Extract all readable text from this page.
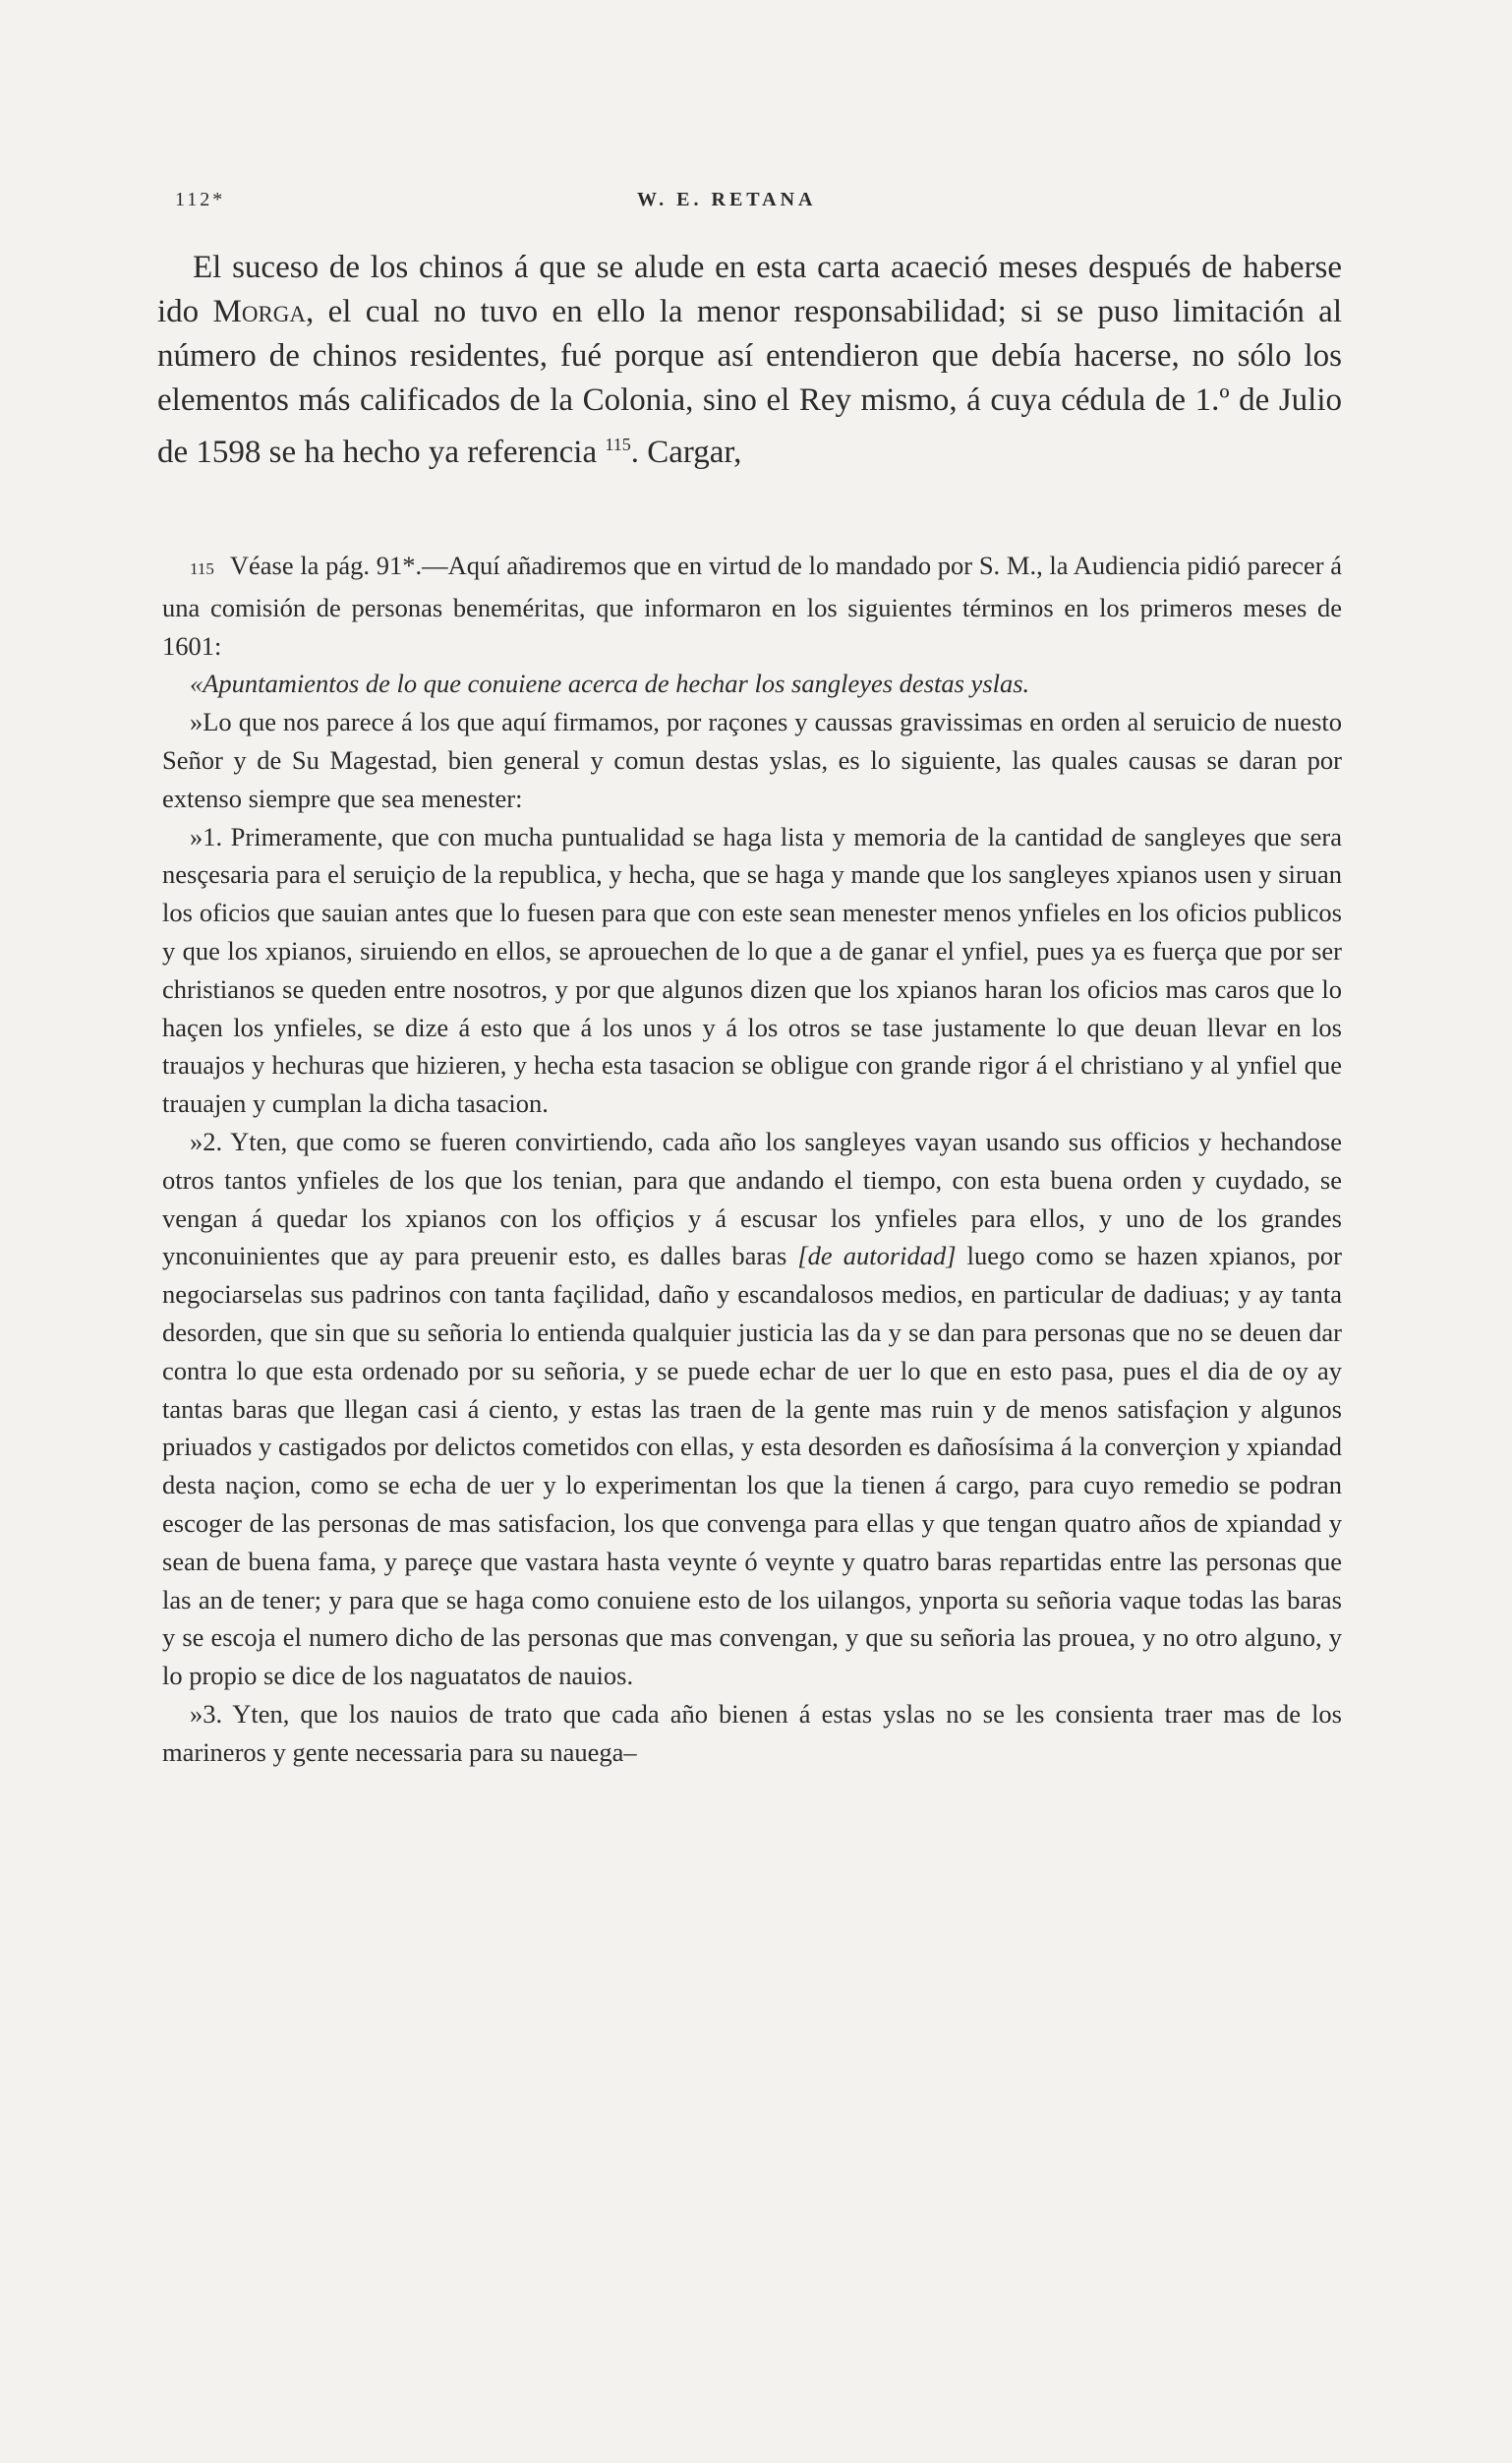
112*	W. E. RETANA

El suceso de los chinos á que se alude en esta carta acaeció meses después de haberse ido Morga, el cual no tuvo en ello la menor responsabilidad; si se puso limitación al número de chinos residentes, fué porque así entendieron que debía hacerse, no sólo los elementos más calificados de la Colonia, sino el Rey mismo, á cuya cédula de 1.º de Julio de 1598 se ha hecho ya referencia $^{115}$. Cargar,

115 Véase la pág. 91*.—Aquí añadiremos que en virtud de lo mandado por S. M., la Audiencia pidió parecer á una comisión de personas beneméritas, que informaron en los siguientes términos en los primeros meses de 1601:

«Apuntamientos de lo que conuiene acerca de hechar los sangleyes destas yslas.

»Lo que nos parece á los que aquí firmamos, por raçones y caussas gravissimas en orden al seruicio de nuesto Señor y de Su Magestad, bien general y comun destas yslas, es lo siguiente, las quales causas se daran por extenso siempre que sea menester:

»1. Primeramente, que con mucha puntualidad se haga lista y memoria de la cantidad de sangleyes que sera nesçesaria para el seruiçio de la republica, y hecha, que se haga y mande que los sangleyes xpianos usen y siruan los oficios que sauian antes que lo fuesen para que con este sean menester menos ynfieles en los oficios publicos y que los xpianos, siruiendo en ellos, se aprouechen de lo que a de ganar el ynfiel, pues ya es fuerça que por ser christianos se queden entre nosotros, y por que algunos dizen que los xpianos haran los oficios mas caros que lo haçen los ynfieles, se dize á esto que á los unos y á los otros se tase justamente lo que deuan llevar en los trauajos y hechuras que hizieren, y hecha esta tasacion se obligue con grande rigor á el christiano y al ynfiel que trauajen y cumplan la dicha tasacion.

»2. Yten, que como se fueren convirtiendo, cada año los sangleyes vayan usando sus officios y hechandose otros tantos ynfieles de los que los tenian, para que andando el tiempo, con esta buena orden y cuydado, se vengan á quedar los xpianos con los offiçios y á escusar los ynfieles para ellos, y uno de los grandes ynconuinientes que ay para preuenir esto, es dalles baras [de autoridad] luego como se hazen xpianos, por negociarselas sus padrinos con tanta façilidad, daño y escandalosos medios, en particular de dadiuas; y ay tanta desorden, que sin que su señoria lo entienda qualquier justicia las da y se dan para personas que no se deuen dar contra lo que esta ordenado por su señoria, y se puede echar de uer lo que en esto pasa, pues el dia de oy ay tantas baras que llegan casi á ciento, y estas las traen de la gente mas ruin y de menos satisfaçion y algunos priuados y castigados por delictos cometidos con ellas, y esta desorden es dañosísima á la converçion y xpiandad desta naçion, como se echa de uer y lo experimentan los que la tienen á cargo, para cuyo remedio se podran escoger de las personas de mas satisfacion, los que convenga para ellas y que tengan quatro años de xpiandad y sean de buena fama, y pareçe que vastara hasta veynte ó veynte y quatro baras repartidas entre las personas que las an de tener; y para que se haga como conuiene esto de los uilangos, ynporta su señoria vaque todas las baras y se escoja el numero dicho de las personas que mas convengan, y que su señoria las prouea, y no otro alguno, y lo propio se dice de los naguatatos de nauios.

»3. Yten, que los nauios de trato que cada año bienen á estas yslas no se les consienta traer mas de los marineros y gente necessaria para su nauega–
